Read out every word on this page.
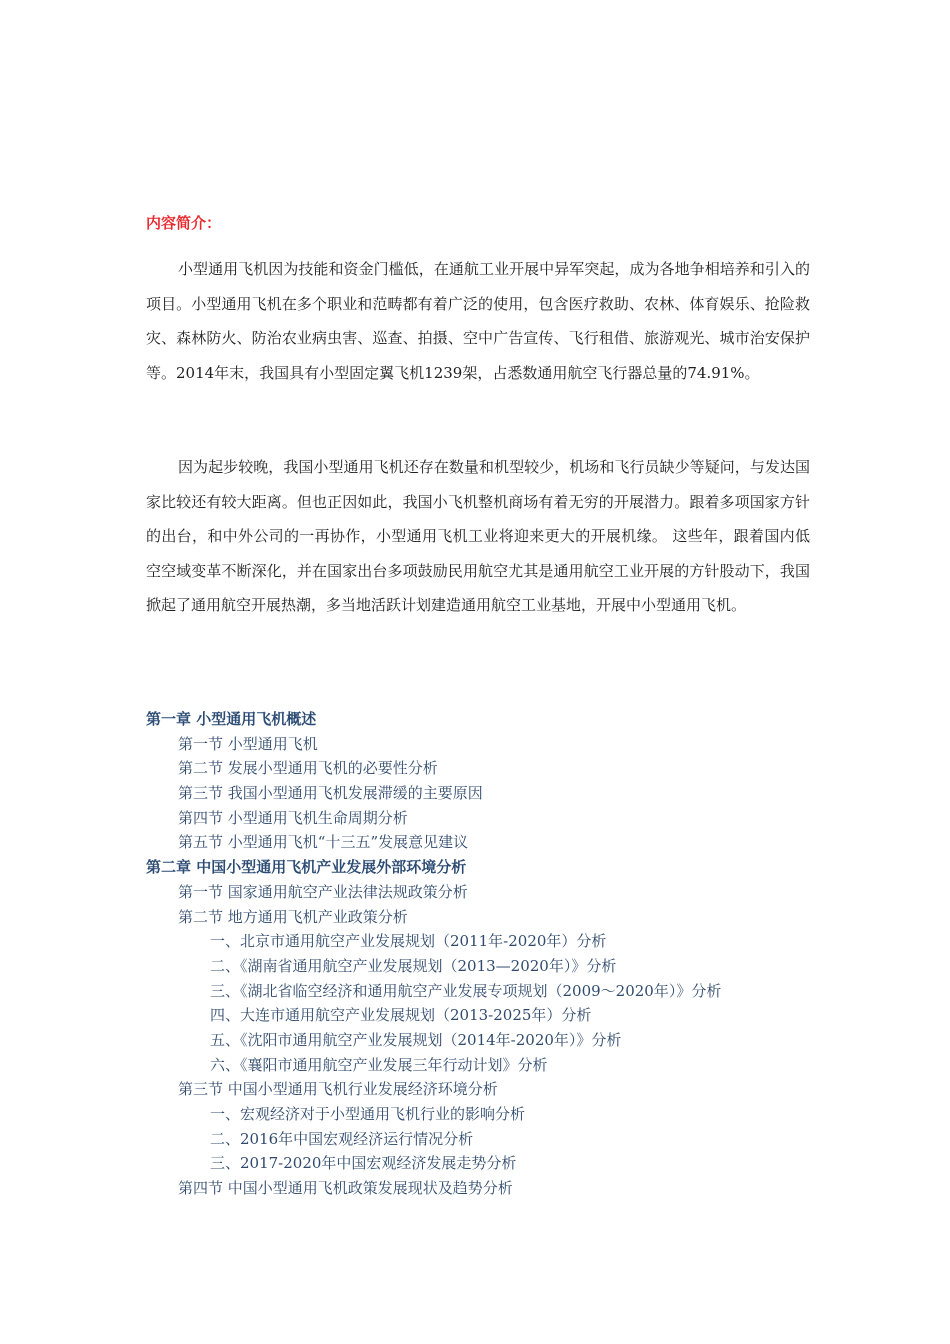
内容简介：

小型通用飞机因为技能和资金门槛低，在通航工业开展中异军突起，成为各地争相培养和引入的项目。小型通用飞机在多个职业和范畴都有着广泛的使用，包含医疗救助、农林、体育娱乐、抢险救灾、森林防火、防治农业病虫害、巡查、拍摄、空中广告宣传、飞行租借、旅游观光、城市治安保护等。2014年末，我国具有小型固定翼飞机1239架，占悉数通用航空飞行器总量的74.91%。

因为起步较晚，我国小型通用飞机还存在数量和机型较少，机场和飞行员缺少等疑问，与发达国家比较还有较大距离。但也正因如此，我国小飞机整机商场有着无穷的开展潜力。跟着多项国家方针的出台，和中外公司的一再协作，小型通用飞机工业将迎来更大的开展机缘。 这些年，跟着国内低空空域变革不断深化，并在国家出台多项鼓励民用航空尤其是通用航空工业开展的方针股动下，我国掀起了通用航空开展热潮，多当地活跃计划建造通用航空工业基地，开展中小型通用飞机。

第一章 小型通用飞机概述
第一节 小型通用飞机
第二节 发展小型通用飞机的必要性分析
第三节 我国小型通用飞机发展滞缓的主要原因
第四节 小型通用飞机生命周期分析
第五节 小型通用飞机“十三五”发展意见建议
第二章 中国小型通用飞机产业发展外部环境分析
第一节 国家通用航空产业法律法规政策分析
第二节 地方通用飞机产业政策分析
一、北京市通用航空产业发展规划（2011年-2020年）分析
二、《湖南省通用航空产业发展规划（2013—2020年）》分析
三、《湖北省临空经济和通用航空产业发展专项规划（2009～2020年）》分析
四、大连市通用航空产业发展规划（2013-2025年）分析
五、《沈阳市通用航空产业发展规划（2014年-2020年）》分析
六、《襄阳市通用航空产业发展三年行动计划》分析
第三节 中国小型通用飞机行业发展经济环境分析
一、宏观经济对于小型通用飞机行业的影响分析
二、2016年中国宏观经济运行情况分析
三、2017-2020年中国宏观经济发展走势分析
第四节 中国小型通用飞机政策发展现状及趋势分析
